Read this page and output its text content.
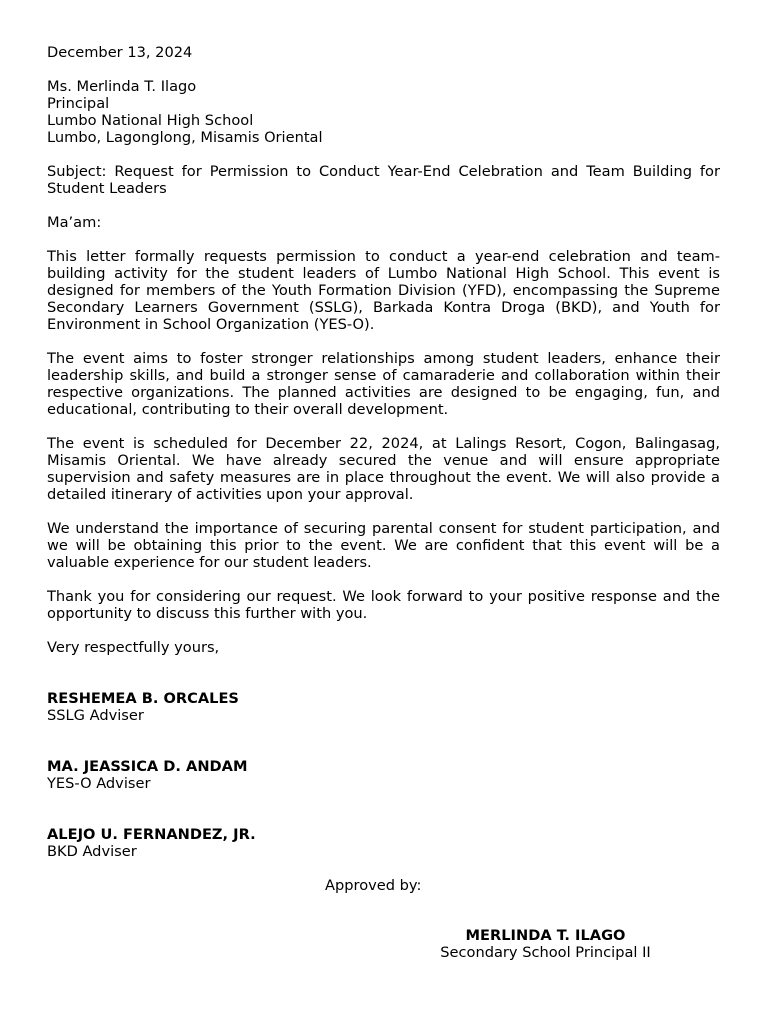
December 13, 2024
Ms. Merlinda T. Ilago
Principal
Lumbo National High School
Lumbo, Lagonglong, Misamis Oriental
Subject: Request for Permission to Conduct Year-End Celebration and Team Building for Student Leaders
Ma’am:
This letter formally requests permission to conduct a year-end celebration and team-building activity for the student leaders of Lumbo National High School. This event is designed for members of the Youth Formation Division (YFD), encompassing the Supreme Secondary Learners Government (SSLG), Barkada Kontra Droga (BKD), and Youth for Environment in School Organization (YES-O).
The event aims to foster stronger relationships among student leaders, enhance their leadership skills, and build a stronger sense of camaraderie and collaboration within their respective organizations. The planned activities are designed to be engaging, fun, and educational, contributing to their overall development.
The event is scheduled for December 22, 2024, at Lalings Resort, Cogon, Balingasag, Misamis Oriental. We have already secured the venue and will ensure appropriate supervision and safety measures are in place throughout the event. We will also provide a detailed itinerary of activities upon your approval.
We understand the importance of securing parental consent for student participation, and we will be obtaining this prior to the event. We are confident that this event will be a valuable experience for our student leaders.
Thank you for considering our request. We look forward to your positive response and the opportunity to discuss this further with you.
Very respectfully yours,
RESHEMEA B. ORCALES
SSLG Adviser
MA. JEASSICA D. ANDAM
YES-O Adviser
ALEJO U. FERNANDEZ, JR.
BKD Adviser
Approved by:
MERLINDA T. ILAGO
Secondary School Principal II
